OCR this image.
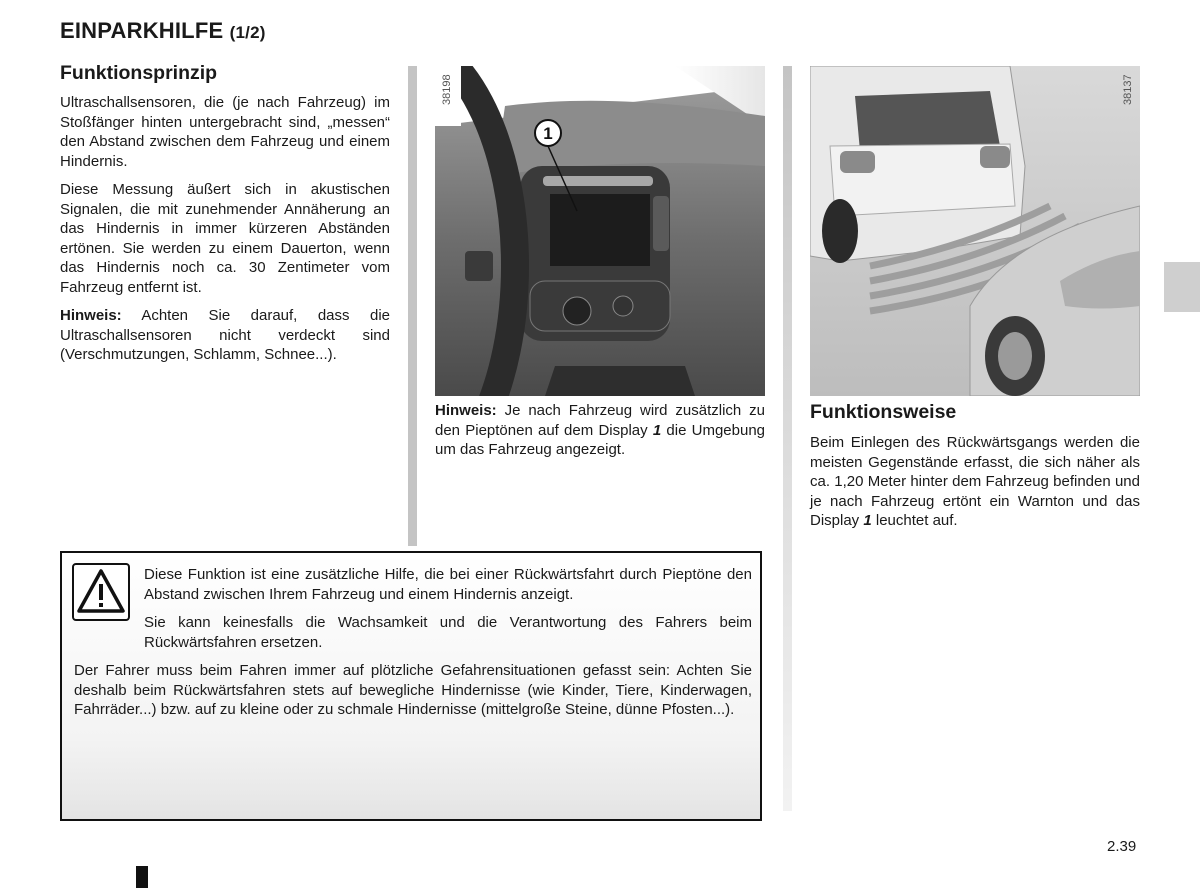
EINPARKHILFE (1/2)
Funktionsprinzip

Ultraschallsensoren, die (je nach Fahrzeug) im Stoßfänger hinten untergebracht sind, „messen“ den Abstand zwischen dem Fahrzeug und einem Hindernis.

Diese Messung äußert sich in akustischen Signalen, die mit zunehmender Annäherung an das Hindernis in immer kürzeren Abständen ertönen. Sie werden zu einem Dauerton, wenn das Hindernis noch ca. 30 Zentimeter vom Fahrzeug entfernt ist.

Hinweis: Achten Sie darauf, dass die Ultraschallsensoren nicht verdeckt sind (Verschmutzungen, Schlamm, Schnee...).

1
38198

Hinweis: Je nach Fahrzeug wird zusätzlich zu den Pieptönen auf dem Display 1 die Umgebung um das Fahrzeug angezeigt.

38137
Funktionsweise

Beim Einlegen des Rückwärtsgangs werden die meisten Gegenstände erfasst, die sich näher als ca. 1,20 Meter hinter dem Fahrzeug befinden und je nach Fahrzeug ertönt ein Warnton und das Display 1 leuchtet auf.

Diese Funktion ist eine zusätzliche Hilfe, die bei einer Rückwärtsfahrt durch Pieptöne den Abstand zwischen Ihrem Fahrzeug und einem Hindernis anzeigt.

Sie kann keinesfalls die Wachsamkeit und die Verantwortung des Fahrers beim Rückwärtsfahren ersetzen.

Der Fahrer muss beim Fahren immer auf plötzliche Gefahrensituationen gefasst sein: Achten Sie deshalb beim Rückwärtsfahren stets auf bewegliche Hindernisse (wie Kinder, Tiere, Kinderwagen, Fahrräder...) bzw. auf zu kleine oder zu schmale Hindernisse (mittelgroße Steine, dünne Pfosten...).

2.39
